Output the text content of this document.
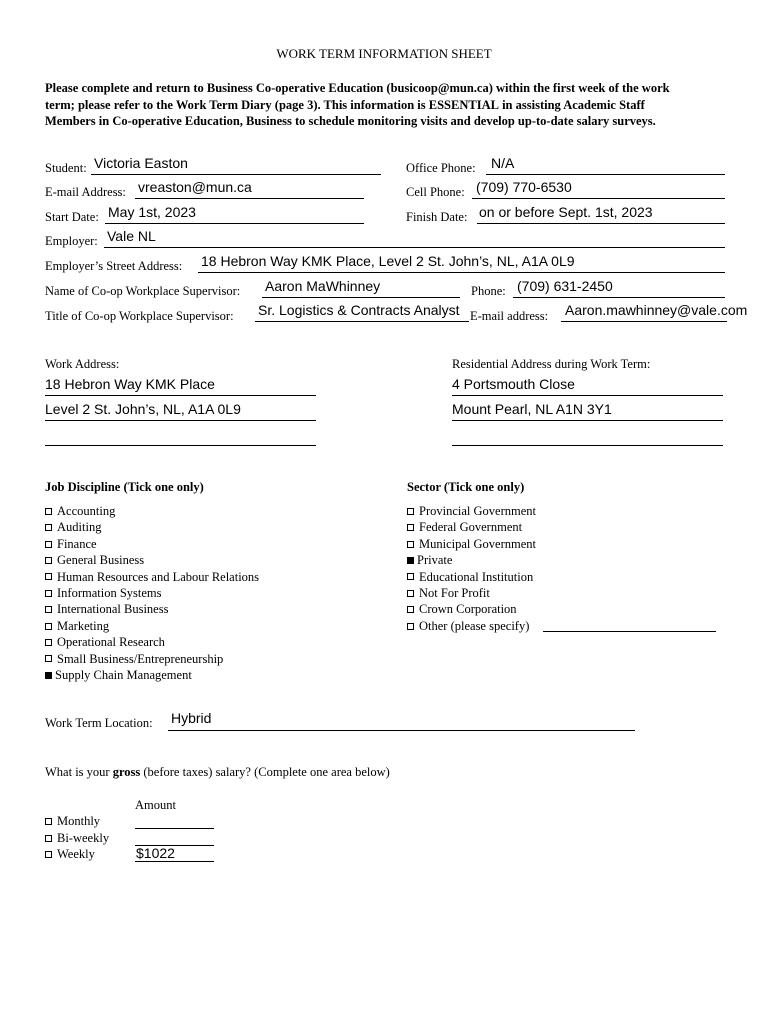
WORK TERM INFORMATION SHEET
Please complete and return to Business Co-operative Education (busicoop@mun.ca) within the first week of the work term; please refer to the Work Term Diary (page 3). This information is ESSENTIAL in assisting Academic Staff Members in Co-operative Education, Business to schedule monitoring visits and develop up-to-date salary surveys.
Student: Victoria Easton	Office Phone: N/A
E-mail Address: vreaston@mun.ca	Cell Phone: (709) 770-6530
Start Date: May 1st, 2023	Finish Date: on or before Sept. 1st, 2023
Employer: Vale NL
Employer’s Street Address: 18 Hebron Way KMK Place, Level 2 St. John’s, NL, A1A 0L9
Name of Co-op Workplace Supervisor: Aaron MaWhinney	Phone: (709) 631-2450
Title of Co-op Workplace Supervisor: Sr. Logistics & Contracts Analyst E-mail address: Aaron.mawhinney@vale.com
Work Address:
18 Hebron Way KMK Place
Level 2 St. John’s, NL, A1A 0L9
Residential Address during Work Term:
4 Portsmouth Close
Mount Pearl, NL A1N 3Y1
Job Discipline (Tick one only)
Accounting
Auditing
Finance
General Business
Human Resources and Labour Relations
Information Systems
International Business
Marketing
Operational Research
Small Business/Entrepreneurship
Supply Chain Management
Sector (Tick one only)
Provincial Government
Federal Government
Municipal Government
Private
Educational Institution
Not For Profit
Crown Corporation
Other (please specify)
Work Term Location: Hybrid
What is your gross (before taxes) salary? (Complete one area below)
Amount
Monthly
Bi-weekly
Weekly	$1022
